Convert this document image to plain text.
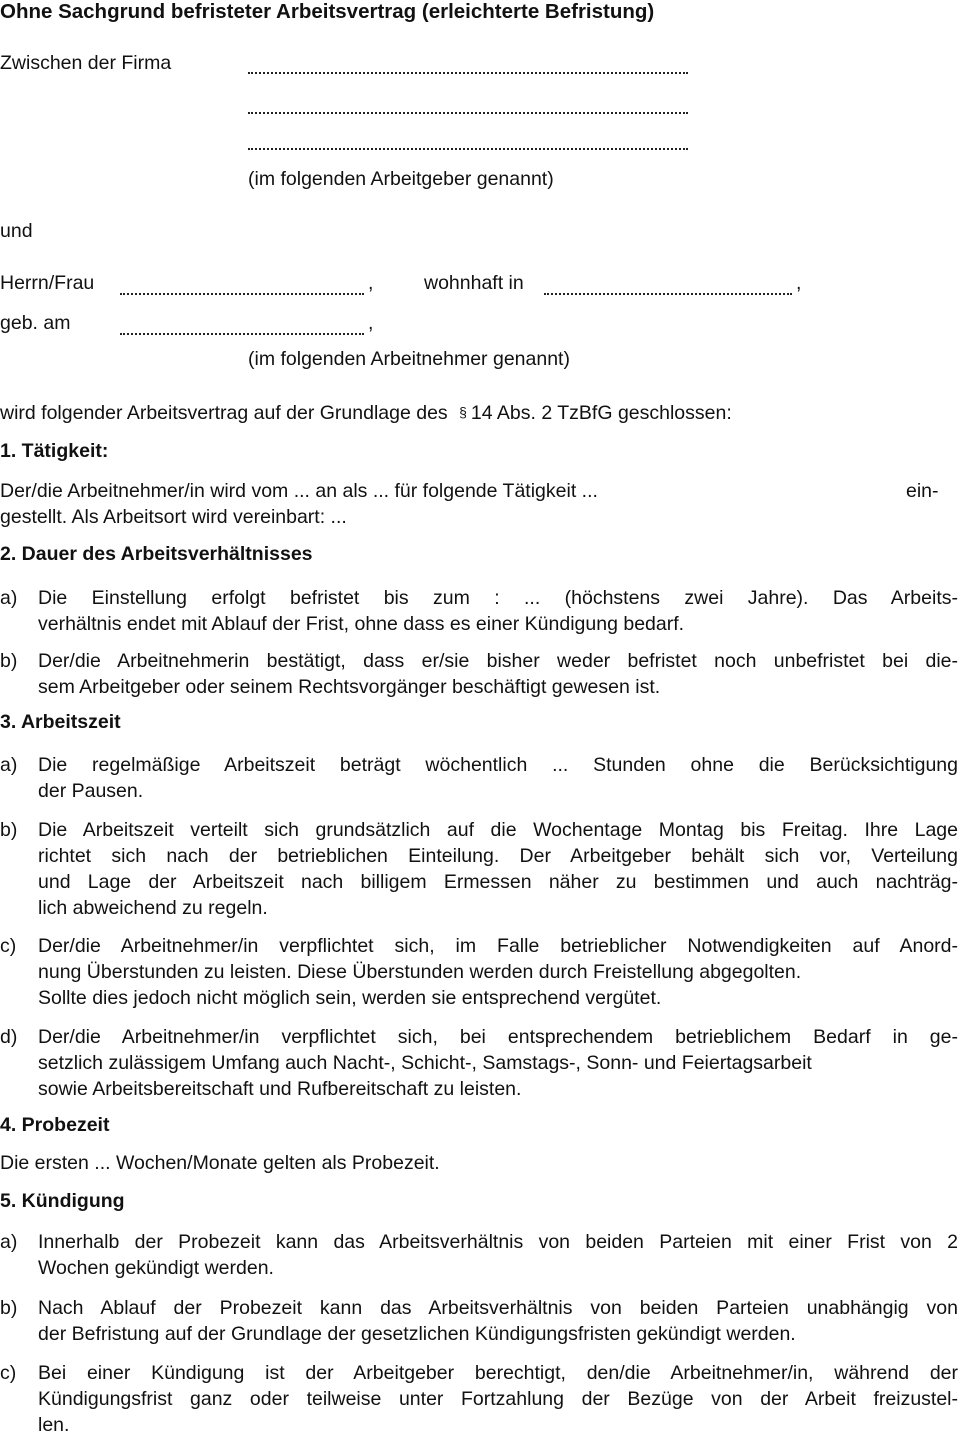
Ohne Sachgrund befristeter Arbeitsvertrag (erleichterte Befristung)
Zwischen der Firma
(im folgenden Arbeitgeber genannt)
und
Herrn/Frau	,	wohnhaft in	,
geb. am	,
(im folgenden Arbeitnehmer genannt)
wird folgender Arbeitsvertrag auf der Grundlage des § 14 Abs. 2 TzBfG geschlossen:
1. Tätigkeit:
Der/die Arbeitnehmer/in wird vom ... an als ... für folgende Tätigkeit ...	ein-
gestellt. Als Arbeitsort wird vereinbart: ...
2. Dauer des Arbeitsverhältnisses
a) Die Einstellung erfolgt befristet bis zum : ... (höchstens zwei Jahre). Das Arbeits-
verhältnis endet mit Ablauf der Frist, ohne dass es einer Kündigung bedarf.
b) Der/die Arbeitnehmerin bestätigt, dass er/sie bisher weder befristet noch unbefristet bei die-
sem Arbeitgeber oder seinem Rechtsvorgänger beschäftigt gewesen ist.
3. Arbeitszeit
a) Die regelmäßige Arbeitszeit beträgt wöchentlich ... Stunden ohne die Berücksichtigung
der Pausen.
b) Die Arbeitszeit verteilt sich grundsätzlich auf die Wochentage Montag bis Freitag. Ihre Lage
richtet sich nach der betrieblichen Einteilung. Der Arbeitgeber behält sich vor, Verteilung
und Lage der Arbeitszeit nach billigem Ermessen näher zu bestimmen und auch nachträg-
lich abweichend zu regeln.
c) Der/die Arbeitnehmer/in verpflichtet sich, im Falle betrieblicher Notwendigkeiten auf Anord-
nung Überstunden zu leisten. Diese Überstunden werden durch Freistellung abgegolten.
Sollte dies jedoch nicht möglich sein, werden sie entsprechend vergütet.
d) Der/die Arbeitnehmer/in verpflichtet sich, bei entsprechendem betrieblichem Bedarf in ge-
setzlich zulässigem Umfang auch Nacht-, Schicht-, Samstags-, Sonn- und Feiertagsarbeit
sowie Arbeitsbereitschaft und Rufbereitschaft zu leisten.
4. Probezeit
Die ersten ... Wochen/Monate gelten als Probezeit.
5. Kündigung
a) Innerhalb der Probezeit kann das Arbeitsverhältnis von beiden Parteien mit einer Frist von 2
Wochen gekündigt werden.
b) Nach Ablauf der Probezeit kann das Arbeitsverhältnis von beiden Parteien unabhängig von
der Befristung auf der Grundlage der gesetzlichen Kündigungsfristen gekündigt werden.
c) Bei einer Kündigung ist der Arbeitgeber berechtigt, den/die Arbeitnehmer/in, während der
Kündigungsfrist ganz oder teilweise unter Fortzahlung der Bezüge von der Arbeit freizustel-
len.
